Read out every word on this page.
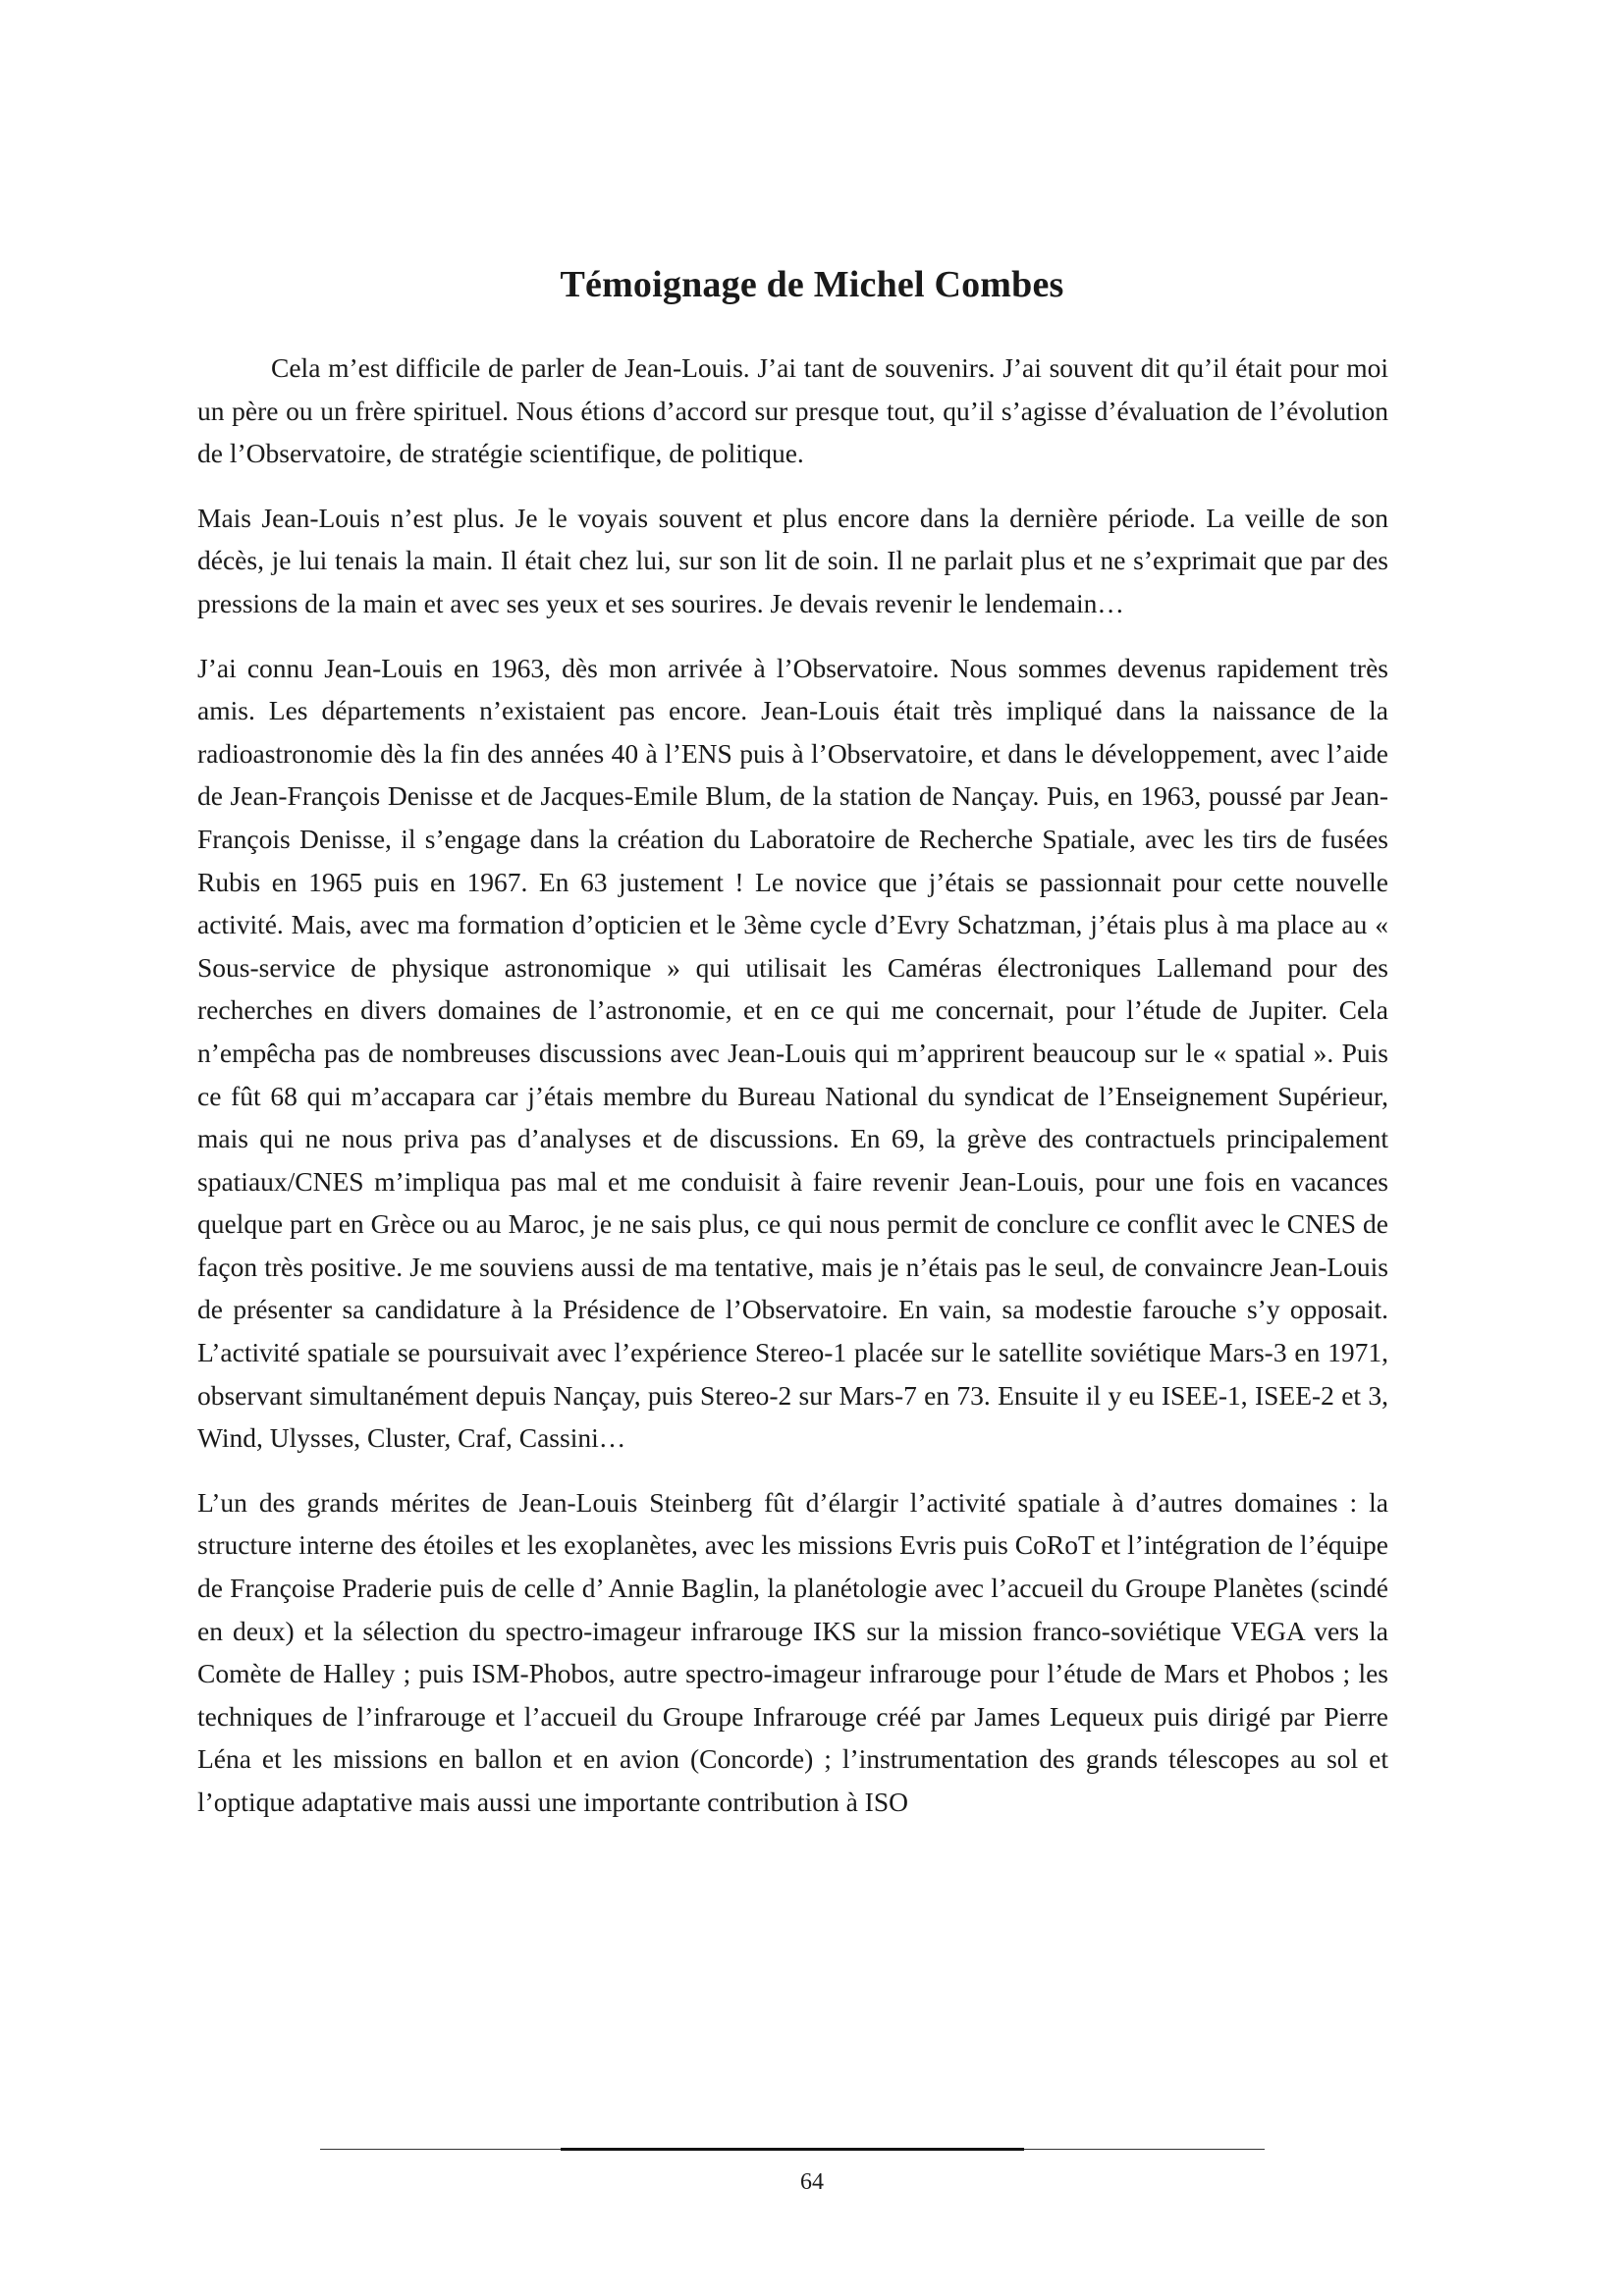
Témoignage de Michel Combes

Cela m’est difficile de parler de Jean-Louis. J’ai tant de souvenirs. J’ai souvent dit qu’il était pour moi un père ou un frère spirituel. Nous étions d’accord sur presque tout, qu’il s’agisse d’évaluation de l’évolution de l’Observatoire, de stratégie scientifique, de politique.

Mais Jean-Louis n’est plus. Je le voyais souvent et plus encore dans la dernière période. La veille de son décès, je lui tenais la main. Il était chez lui, sur son lit de soin. Il ne parlait plus et ne s’exprimait que par des pressions de la main et avec ses yeux et ses sourires. Je devais revenir le lendemain…

J’ai connu Jean-Louis en 1963, dès mon arrivée à l’Observatoire. Nous sommes devenus rapidement très amis. Les départements n’existaient pas encore. Jean-Louis était très impliqué dans la naissance de la radioastronomie dès la fin des années 40 à l’ENS puis à l’Observatoire, et dans le développement, avec l’aide de Jean-François Denisse et de Jacques-Emile Blum, de la station de Nançay. Puis, en 1963, poussé par Jean-François Denisse, il s’engage dans la création du Laboratoire de Recherche Spatiale, avec les tirs de fusées Rubis en 1965 puis en 1967. En 63 justement ! Le novice que j’étais se passionnait pour cette nouvelle activité. Mais, avec ma formation d’opticien et le 3ème cycle d’Evry Schatzman, j’étais plus à ma place au « Sous-service de physique astronomique » qui utilisait les Caméras électroniques Lallemand pour des recherches en divers domaines de l’astronomie, et en ce qui me concernait, pour l’étude de Jupiter. Cela n’empêcha pas de nombreuses discussions avec Jean-Louis qui m’apprirent beaucoup sur le « spatial ». Puis ce fût 68 qui m’accapara car j’étais membre du Bureau National du syndicat de l’Enseignement Supérieur, mais qui ne nous priva pas d’analyses et de discussions. En 69, la grève des contractuels principalement spatiaux/CNES m’impliqua pas mal et me conduisit à faire revenir Jean-Louis, pour une fois en vacances quelque part en Grèce ou au Maroc, je ne sais plus, ce qui nous permit de conclure ce conflit avec le CNES de façon très positive. Je me souviens aussi de ma tentative, mais je n’étais pas le seul, de convaincre Jean-Louis de présenter sa candidature à la Présidence de l’Observatoire. En vain, sa modestie farouche s’y opposait. L’activité spatiale se poursuivait avec l’expérience Stereo-1 placée sur le satellite soviétique Mars-3 en 1971, observant simultanément depuis Nançay, puis Stereo-2 sur Mars-7 en 73. Ensuite il y eu ISEE-1, ISEE-2 et 3, Wind, Ulysses, Cluster, Craf, Cassini…

L’un des grands mérites de Jean-Louis Steinberg fût d’élargir l’activité spatiale à d’autres domaines : la structure interne des étoiles et les exoplanètes, avec les missions Evris puis CoRoT et l’intégration de l’équipe de Françoise Praderie puis de celle d’ Annie Baglin, la planétologie avec l’accueil du Groupe Planètes (scindé en deux) et la sélection du spectro-imageur infrarouge IKS sur la mission franco-soviétique VEGA vers la Comète de Halley ; puis ISM-Phobos, autre spectro-imageur infrarouge pour l’étude de Mars et Phobos ; les techniques de l’infrarouge et l’accueil du Groupe Infrarouge créé par James Lequeux puis dirigé par Pierre Léna et les missions en ballon et en avion (Concorde) ; l’instrumentation des grands télescopes au sol et l’optique adaptative mais aussi une importante contribution à ISO

64
